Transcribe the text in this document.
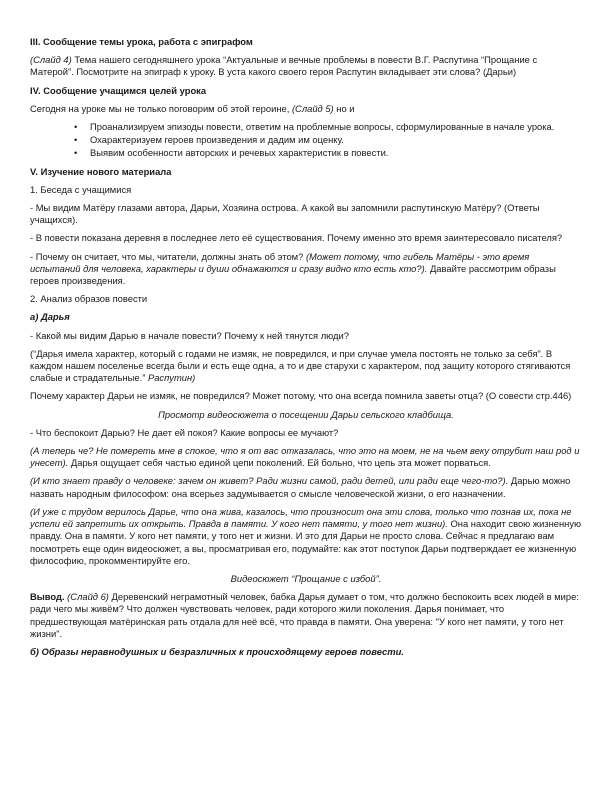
III. Сообщение темы урока, работа с эпиграфом

(Слайд 4) Тема нашего сегодняшнего урока “Актуальные и вечные проблемы в повести В.Г. Распутина “Прощание с Матерой”. Посмотрите на эпиграф к уроку. В уста какого своего героя Распутин вкладывает эти слова? (Дарьи)

IV. Сообщение учащимся целей урока

Сегодня на уроке мы не только поговорим об этой героине, (Слайд 5) но и

• Проанализируем эпизоды повести, ответим на проблемные вопросы, сформулированные в начале урока.
• Охарактеризуем героев произведения и дадим им оценку.
• Выявим особенности авторских и речевых характеристик в повести.

V. Изучение нового материала

1. Беседа с учащимися

- Мы видим Матёру глазами автора, Дарьи, Хозяина острова. А какой вы запомнили распутинскую Матёру? (Ответы учащихся).

- В повести показана деревня в последнее лето её существования. Почему именно это время заинтересовало писателя?

- Почему он считает, что мы, читатели, должны знать об этом? (Может потому, что гибель Матёры - это время испытаний для человека, характеры и души обнажаются и сразу видно кто есть кто?). Давайте рассмотрим образы героев произведения.

2. Анализ образов повести

а) Дарья

- Какой мы видим Дарью в начале повести? Почему к ней тянутся люди?

(“Дарья имела характер, который с годами не изм‍як, не повредился, и при случае умела постоять не только за себя”. В каждом нашем поселенье всегда были и есть еще одна, а то и две старухи с характером, под защиту которого стягиваются слабые и страдательные.” Распутин)

Почему характер Дарьи не изм‍як, не повредился? Может потому, что она всегда помнила заветы отца? (О совести стр.446)

Просмотр видеосюжета о посещении Дарьи сельского кладбища.

- Что беспокоит Дарью? Не дает ей покоя? Какие вопросы ее мучают?

(А теперь че? Не помереть мне в спокое, что я от вас отказалась, что это на моем, не на чьем веку отрубит наш род и унесет). Дарья ощущает себя частью единой цепи поколений. Ей больно, что цепь эта может порваться.

(И кто знает правду о человеке: зачем он живет? Ради жизни самой, ради детей, или ради еще чего-то?). Дарью можно назвать народным философом: она всерьез задумывается о смысле человеческой жизни, о его назначении.

(И уже с трудом верилось Дарье, что она жива, казалось, что произносит она эти слова, только что познав их, пока не успели ей запретить их открыть. Правда в памяти. У кого нет памяти, у того нет жизни). Она находит свою жизненную правду. Она в памяти. У кого нет памяти, у того нет и жизни. И это для Дарьи не просто слова. Сейчас я предлагаю вам посмотреть еще один видеосюжет, а вы, просматривая его, подумайте: как этот поступок Дарьи подтверждает ее жизненную философию, прокомментируйте его.

Видеосюжет “Прощание с избой”.

Вывод. (Слайд 6) Деревенский неграмотный человек, бабка Дарья думает о том, что должно беспокоить всех людей в мире: ради чего мы живём? Что должен чувствовать человек, ради которого жили поколения. Дарья понимает, что предшествующая матёринская рать отдала для неё всё, что правда в памяти. Она уверена: "У кого нет памяти, у того нет жизни".

б) Образы неравнодушных и безразличных к происходящему героев повести.
